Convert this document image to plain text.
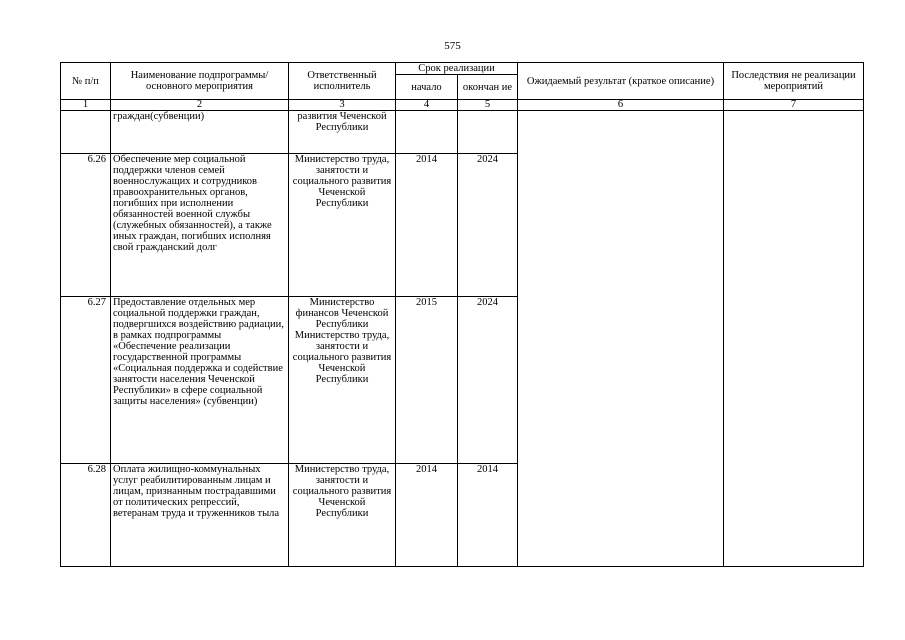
575
№ п/п	Наименование подпрограммы/ основного мероприятия	Ответственный исполнитель	Срок реализации		Ожидаемый результат (краткое описание)	Последствия не реализации мероприятий
			начало	окончан ие		
1	2	3	4	5	6	7
	граждан(субвенции)	развития Чеченской Республики				
6.26	Обеспечение мер социальной поддержки членов семей военнослужащих и сотрудников правоохранительных органов, погибших при исполнении обязанностей военной службы (служебных обязанностей), а также иных граждан, погибших исполняя свой гражданский долг	Министерство труда, занятости и социального развития Чеченской Республики	2014	2024		
6.27	Предоставление отдельных мер социальной поддержки граждан, подвергшихся воздействию радиации, в рамках подпрограммы «Обеспечение реализации государственной программы «Социальная поддержка и содействие занятости населения Чеченской Республики» в сфере социальной защиты населения» (субвенции)	Министерство финансов Чеченской Республики Министерство труда, занятости и социального развития Чеченской Республики	2015	2024		
6.28	Оплата жилищно-коммунальных услуг реабилитированным лицам и лицам, признанным пострадавшими от политических репрессий, ветеранам труда и труженников тыла	Министерство труда, занятости и социального развития Чеченской Республики	2014	2014		
